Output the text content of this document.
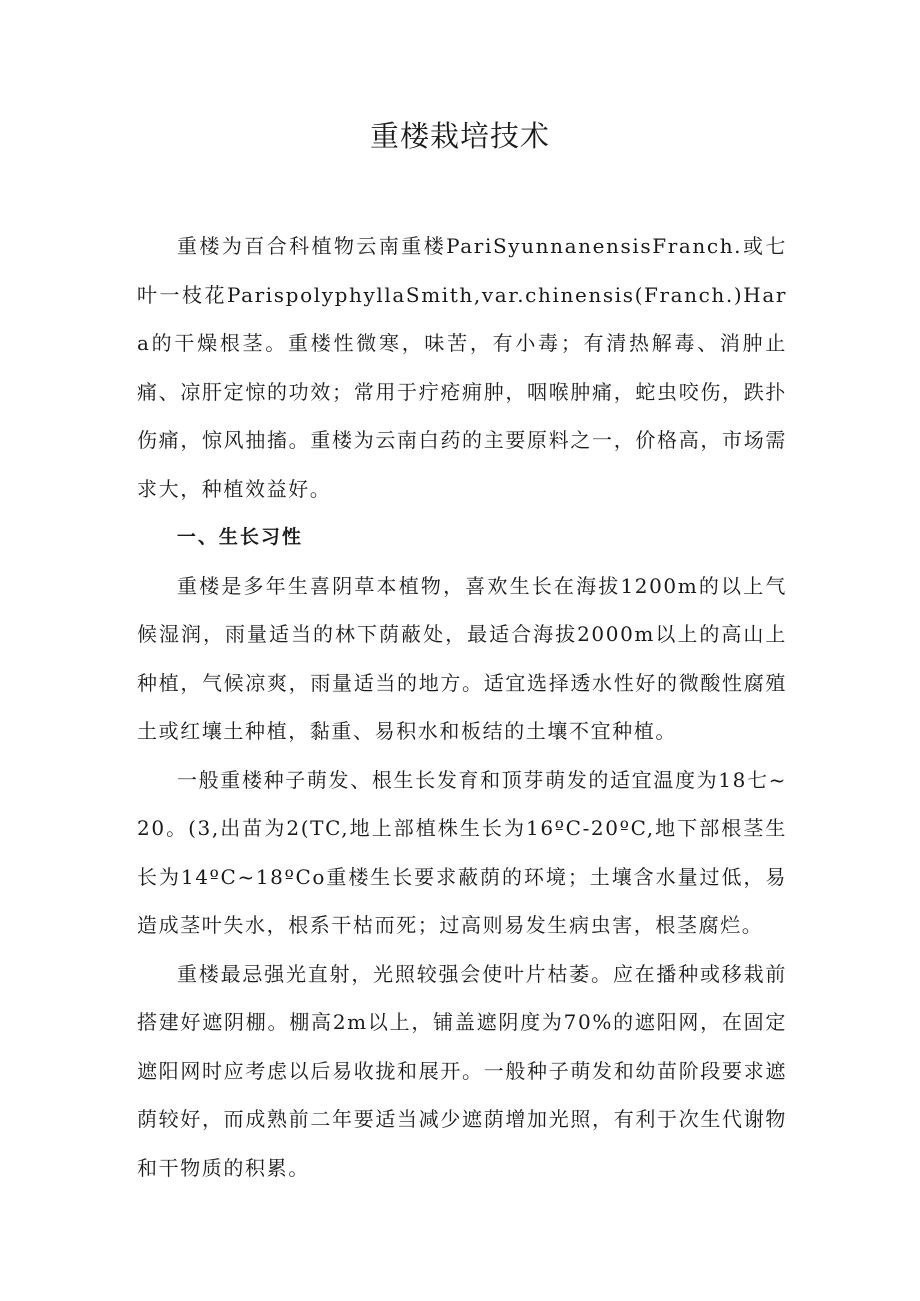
重楼栽培技术

重楼为百合科植物云南重楼PariSyunnanensisFranch.或七叶一枝花ParispolyphyllaSmith,var.chinensis(Franch.)Hara的干燥根茎。重楼性微寒，味苦，有小毒；有清热解毒、消肿止痛、凉肝定惊的功效；常用于疔疮痈肿，咽喉肿痛，蛇虫咬伤，跌扑伤痛，惊风抽搐。重楼为云南白药的主要原料之一，价格高，市场需求大，种植效益好。

一、生长习性

重楼是多年生喜阴草本植物，喜欢生长在海拔1200m的以上气候湿润，雨量适当的林下荫蔽处，最适合海拔2000m以上的高山上种植，气候凉爽，雨量适当的地方。适宜选择透水性好的微酸性腐殖土或红壤土种植，黏重、易积水和板结的土壤不宜种植。

一般重楼种子萌发、根生长发育和顶芽萌发的适宜温度为18七~20。(3,出苗为2(TC,地上部植株生长为16ºC-20ºC,地下部根茎生长为14ºC~18ºCo重楼生长要求蔽荫的环境；土壤含水量过低，易造成茎叶失水，根系干枯而死；过高则易发生病虫害，根茎腐烂。

重楼最忌强光直射，光照较强会使叶片枯萎。应在播种或移栽前搭建好遮阴棚。棚高2m以上，铺盖遮阴度为70%的遮阳网，在固定遮阳网时应考虑以后易收拢和展开。一般种子萌发和幼苗阶段要求遮荫较好，而成熟前二年要适当减少遮荫增加光照，有利于次生代谢物和干物质的积累。
